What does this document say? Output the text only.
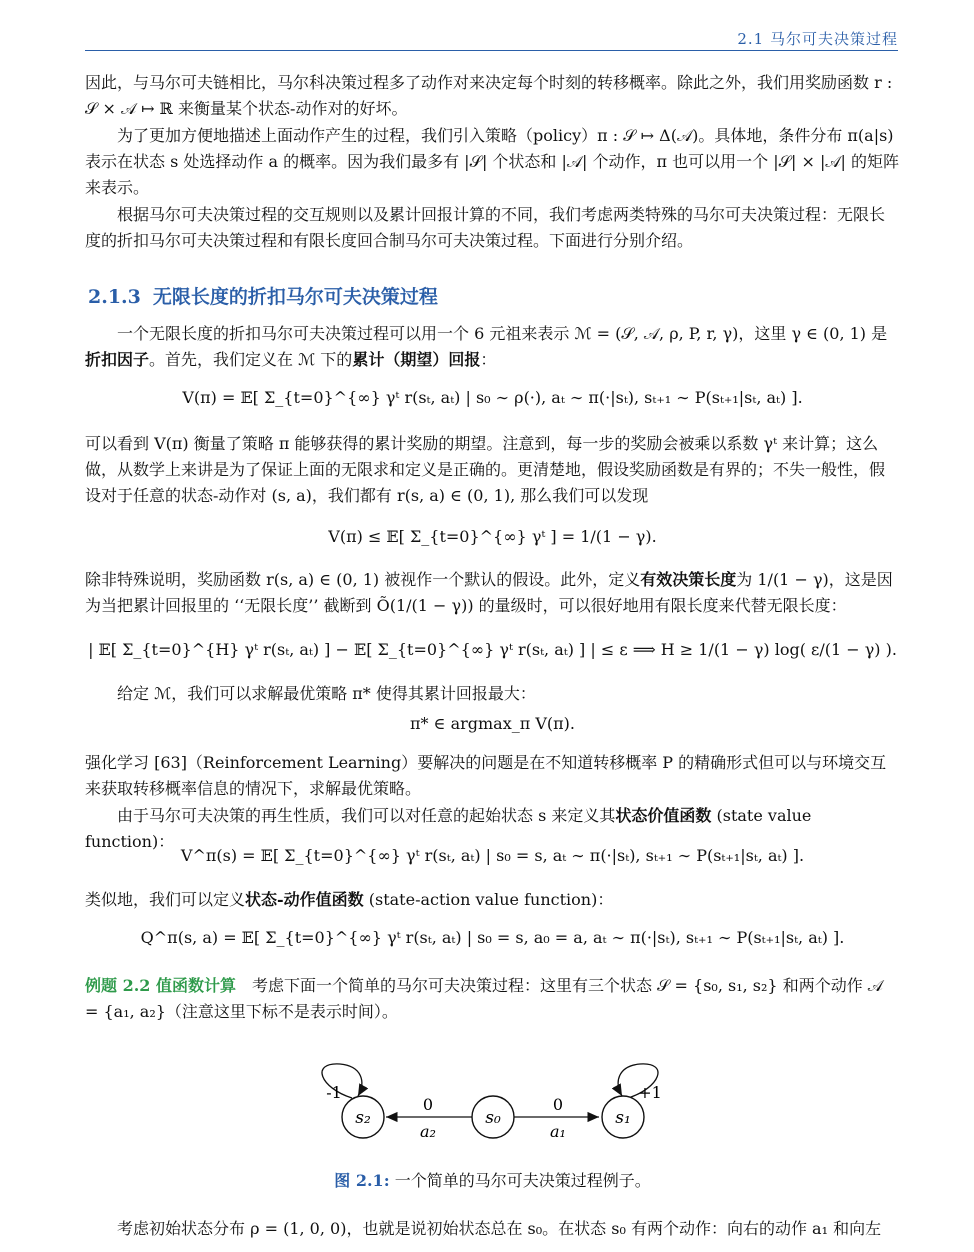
2.1 马尔可夫决策过程
因此，与马尔可夫链相比，马尔科决策过程多了动作对来决定每个时刻的转移概率。除此之外，我们用奖励函数 r : 𝒮 × 𝒜 ↦ ℝ 来衡量某个状态-动作对的好坏。
为了更加方便地描述上面动作产生的过程，我们引入策略（policy）π : 𝒮 ↦ Δ(𝒜)。具体地，条件分布 π(a|s) 表示在状态 s 处选择动作 a 的概率。因为我们最多有 |𝒮| 个状态和 |𝒜| 个动作，π 也可以用一个 |𝒮| × |𝒜| 的矩阵来表示。
根据马尔可夫决策过程的交互规则以及累计回报计算的不同，我们考虑两类特殊的马尔可夫决策过程：无限长度的折扣马尔可夫决策过程和有限长度回合制马尔可夫决策过程。下面进行分别介绍。
2.1.3 无限长度的折扣马尔可夫决策过程
一个无限长度的折扣马尔可夫决策过程可以用一个 6 元祖来表示 ℳ = (𝒮, 𝒜, ρ, P, r, γ)，这里 γ ∈ (0, 1) 是折扣因子。首先，我们定义在 ℳ 下的累计（期望）回报：
V(π) = 𝔼[ Σ_{t=0}^{∞} γᵗ r(sₜ, aₜ) | s₀ ∼ ρ(·), aₜ ∼ π(·|sₜ), sₜ₊₁ ∼ P(sₜ₊₁|sₜ, aₜ) ].
可以看到 V(π) 衡量了策略 π 能够获得的累计奖励的期望。注意到，每一步的奖励会被乘以系数 γᵗ 来计算；这么做，从数学上来讲是为了保证上面的无限求和定义是正确的。更清楚地，假设奖励函数是有界的；不失一般性，假设对于任意的状态-动作对 (s, a)，我们都有 r(s, a) ∈ (0, 1), 那么我们可以发现
V(π) ≤ 𝔼[ Σ_{t=0}^{∞} γᵗ ] = 1/(1 − γ).
除非特殊说明，奖励函数 r(s, a) ∈ (0, 1) 被视作一个默认的假设。此外，定义有效决策长度为 1/(1 − γ)，这是因为当把累计回报里的 ‘‘无限长度’’ 截断到 Õ(1/(1 − γ)) 的量级时，可以很好地用有限长度来代替无限长度：
| 𝔼[ Σ_{t=0}^{H} γᵗ r(sₜ, aₜ) ] − 𝔼[ Σ_{t=0}^{∞} γᵗ r(sₜ, aₜ) ] | ≤ ε ⟹ H ≥ 1/(1 − γ) log( ε/(1 − γ) ).
给定 ℳ，我们可以求解最优策略 π* 使得其累计回报最大：
π* ∈ argmax_π V(π).
强化学习 [63]（Reinforcement Learning）要解决的问题是在不知道转移概率 P 的精确形式但可以与环境交互来获取转移概率信息的情况下，求解最优策略。
由于马尔可夫决策的再生性质，我们可以对任意的起始状态 s 来定义其状态价值函数 (state value function)：
V^π(s) = 𝔼[ Σ_{t=0}^{∞} γᵗ r(sₜ, aₜ) | s₀ = s, aₜ ∼ π(·|sₜ), sₜ₊₁ ∼ P(sₜ₊₁|sₜ, aₜ) ].
类似地，我们可以定义状态-动作值函数 (state-action value function)：
Q^π(s, a) = 𝔼[ Σ_{t=0}^{∞} γᵗ r(sₜ, aₜ) | s₀ = s, a₀ = a, aₜ ∼ π(·|sₜ), sₜ₊₁ ∼ P(sₜ₊₁|sₜ, aₜ) ].
例题 2.2 值函数计算　考虑下面一个简单的马尔可夫决策过程：这里有三个状态 𝒮 = {s₀, s₁, s₂} 和两个动作 𝒜 = {a₁, a₂}（注意这里下标不是表示时间）。
s₂	s₀	s₁
-1	+1
0
a₂
0
a₁
图 2.1: 一个简单的马尔可夫决策过程例子。
考虑初始状态分布 ρ = (1, 0, 0)，也就是说初始状态总在 s₀。在状态 s₀ 有两个动作：向右的动作 a₁ 和向左
